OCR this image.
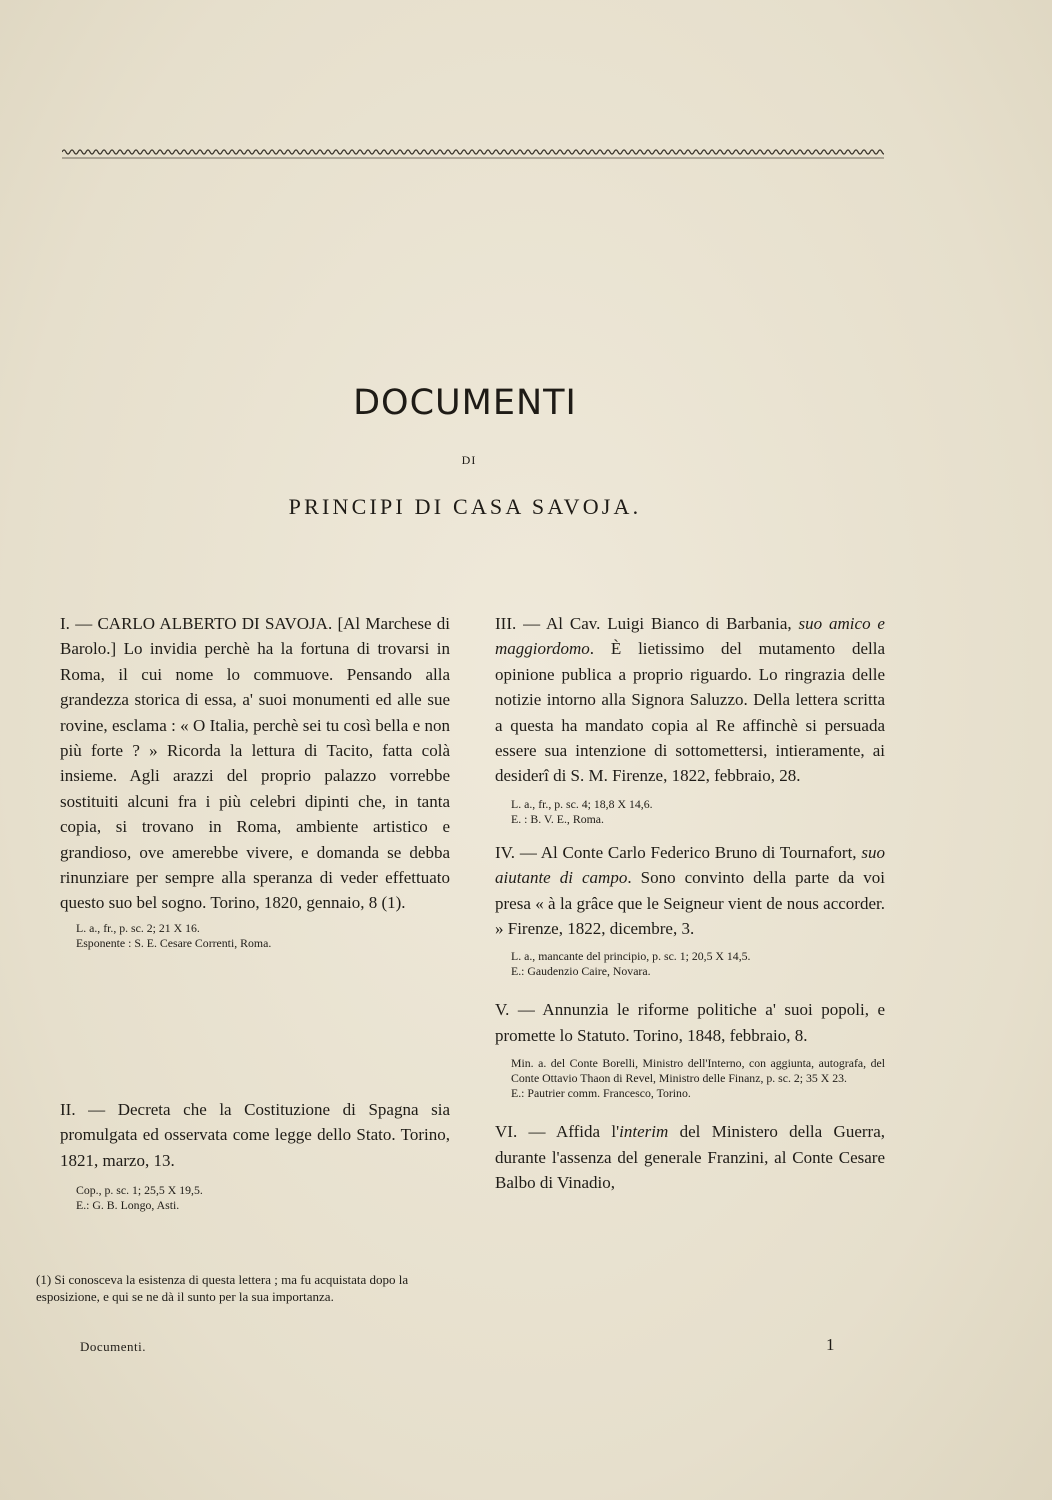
DOCUMENTI
DI
PRINCIPI DI CASA SAVOJA.

I. — CARLO ALBERTO DI SAVOJA. [Al Marchese di Barolo.] Lo invidia perchè ha la fortuna di trovarsi in Roma, il cui nome lo commuove. Pensando alla grandezza storica di essa, a' suoi monumenti ed alle sue rovine, esclama : « O Italia, perchè sei tu così bella e non più forte ? » Ricorda la lettura di Tacito, fatta colà insieme. Agli arazzi del proprio palazzo vorrebbe sostituiti alcuni fra i più celebri dipinti che, in tanta copia, si trovano in Roma, ambiente artistico e grandioso, ove amerebbe vivere, e domanda se debba rinunziare per sempre alla speranza di veder effettuato questo suo bel sogno. Torino, 1820, gennaio, 8 (1).

L. a., fr., p. sc. 2; 21 X 16.

Esponente : S. E. Cesare Correnti, Roma.

II. — Decreta che la Costituzione di Spagna sia promulgata ed osservata come legge dello Stato. Torino, 1821, marzo, 13.

Cop., p. sc. 1; 25,5 X 19,5.

E.: G. B. Longo, Asti.

III. — Al Cav. Luigi Bianco di Barbania, suo amico e maggiordomo. È lietissimo del mutamento della opinione publica a proprio riguardo. Lo ringrazia delle notizie intorno alla Signora Saluzzo. Della lettera scritta a questa ha mandato copia al Re affinchè si persuada essere sua intenzione di sottomettersi, intieramente, ai desiderî di S. M. Firenze, 1822, febbraio, 28.

L. a., fr., p. sc. 4; 18,8 X 14,6.

E. : B. V. E., Roma.

IV. — Al Conte Carlo Federico Bruno di Tournafort, suo aiutante di campo. Sono convinto della parte da voi presa « à la grâce que le Seigneur vient de nous accorder. » Firenze, 1822, dicembre, 3.

L. a., mancante del principio, p. sc. 1; 20,5 X 14,5.

E.: Gaudenzio Caire, Novara.

V. — Annunzia le riforme politiche a' suoi popoli, e promette lo Statuto. Torino, 1848, febbraio, 8.

Min. a. del Conte Borelli, Ministro dell'Interno, con aggiunta, autografa, del Conte Ottavio Thaon di Revel, Ministro delle Finanz, p. sc. 2; 35 X 23.

E.: Pautrier comm. Francesco, Torino.

VI. — Affida l'interim del Ministero della Guerra, durante l'assenza del generale Franzini, al Conte Cesare Balbo di Vinadio,

(1) Si conosceva la esistenza di questa lettera ; ma fu acquistata dopo la esposizione, e qui se ne dà il sunto per la sua importanza.
Documenti.	1
